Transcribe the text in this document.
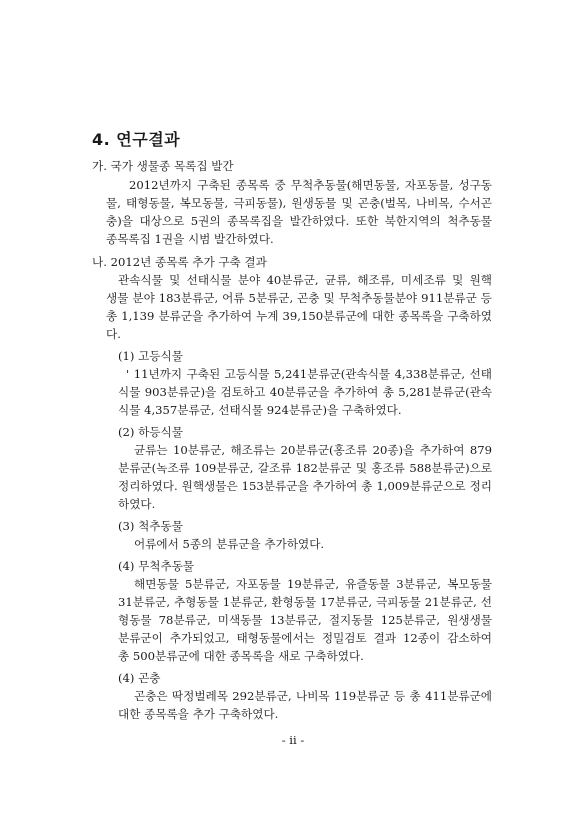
4. 연구결과
가. 국가 생물종 목록집 발간
2012년까지 구축된 종목록 중 무척추동물(해면동물, 자포동물, 성구동
물, 태형동물, 복모동물, 극피동물), 원생동물 및 곤충(벌목, 나비목, 수서곤
충)을 대상으로 5권의 종목록집을 발간하였다. 또한 북한지역의 척추동물
종목록집 1권을 시범 발간하였다.
나. 2012년 종목록 추가 구축 결과
관속식물 및 선태식물 분야 40분류군, 균류, 해조류, 미세조류 및 원핵
생물 분야 183분류군, 어류 5분류군, 곤충 및 무척추동물분야 911분류군 등
총 1,139 분류군을 추가하여 누계 39,150분류군에 대한 종목록을 구축하였
다.
(1) 고등식물
' 11년까지 구축된 고등식물 5,241분류군(관속식물 4,338분류군, 선태
식물 903분류군)을 검토하고 40분류군을 추가하여 총 5,281분류군(관속
식물 4,357분류군, 선태식물 924분류군)을 구축하였다.
(2) 하등식물
균류는 10분류군, 해조류는 20분류군(홍조류 20종)을 추가하여 879
분류군(녹조류 109분류군, 갈조류 182분류군 및 홍조류 588분류군)으로
정리하였다. 원핵생물은 153분류군을 추가하여 총 1,009분류군으로 정리
하였다.
(3) 척추동물
어류에서 5종의 분류군을 추가하였다.
(4) 무척추동물
해면동물 5분류군, 자포동물 19분류군, 유즐동물 3분류군, 복모동물
31분류군, 추형동물 1분류군, 환형동물 17분류군, 극피동물 21분류군, 선
형동물 78분류군, 미색동물 13분류군, 절지동물 125분류군, 원생생물
분류군이 추가되었고, 태형동물에서는 정밀검토 결과 12종이 감소하여
총 500분류군에 대한 종목록을 새로 구축하였다.
(4) 곤충
곤충은 딱정벌레목 292분류군, 나비목 119분류군 등 총 411분류군에
대한 종목록을 추가 구축하였다.
- ii -
